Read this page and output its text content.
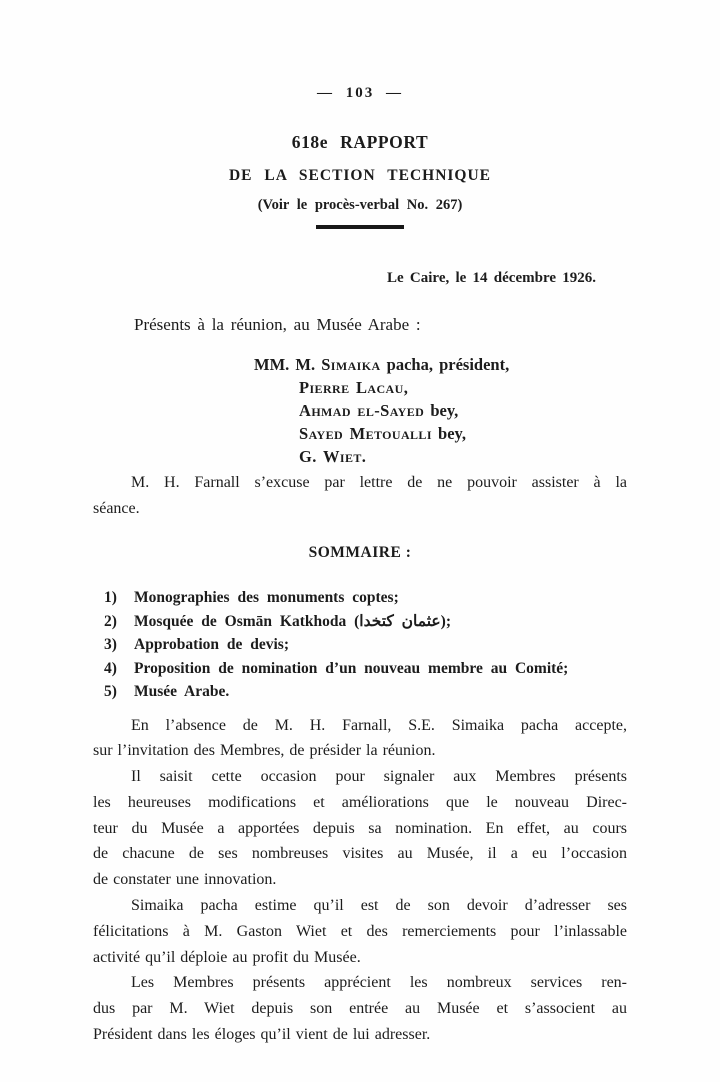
— 103 —
618e RAPPORT
DE LA SECTION TECHNIQUE
(Voir le procès-verbal No. 267)
Le Caire, le 14 décembre 1926.
Présents à la réunion, au Musée Arabe :
MM. M. Simaika pacha, président,
Pierre Lacau,
Ahmad el-Sayed bey,
Sayed Metoualli bey,
G. Wiet.
M. H. Farnall s’excuse par lettre de ne pouvoir assister à la
séance.
SOMMAIRE :
1)	Monographies des monuments coptes;
2)	Mosquée de Osmān Katkhoda (عثمان كتخدا);
3)	Approbation de devis;
4)	Proposition de nomination d’un nouveau membre au Comité;
5)	Musée Arabe.
En l’absence de M. H. Farnall, S.E. Simaika pacha accepte,
sur l’invitation des Membres, de présider la réunion.
Il saisit cette occasion pour signaler aux Membres présents
les heureuses modifications et améliorations que le nouveau Direc-
teur du Musée a apportées depuis sa nomination. En effet, au cours
de chacune de ses nombreuses visites au Musée, il a eu l’occasion
de constater une innovation.
Simaika pacha estime qu’il est de son devoir d’adresser ses
félicitations à M. Gaston Wiet et des remerciements pour l’inlassable
activité qu’il déploie au profit du Musée.
Les Membres présents apprécient les nombreux services ren-
dus par M. Wiet depuis son entrée au Musée et s’associent au
Président dans les éloges qu’il vient de lui adresser.
